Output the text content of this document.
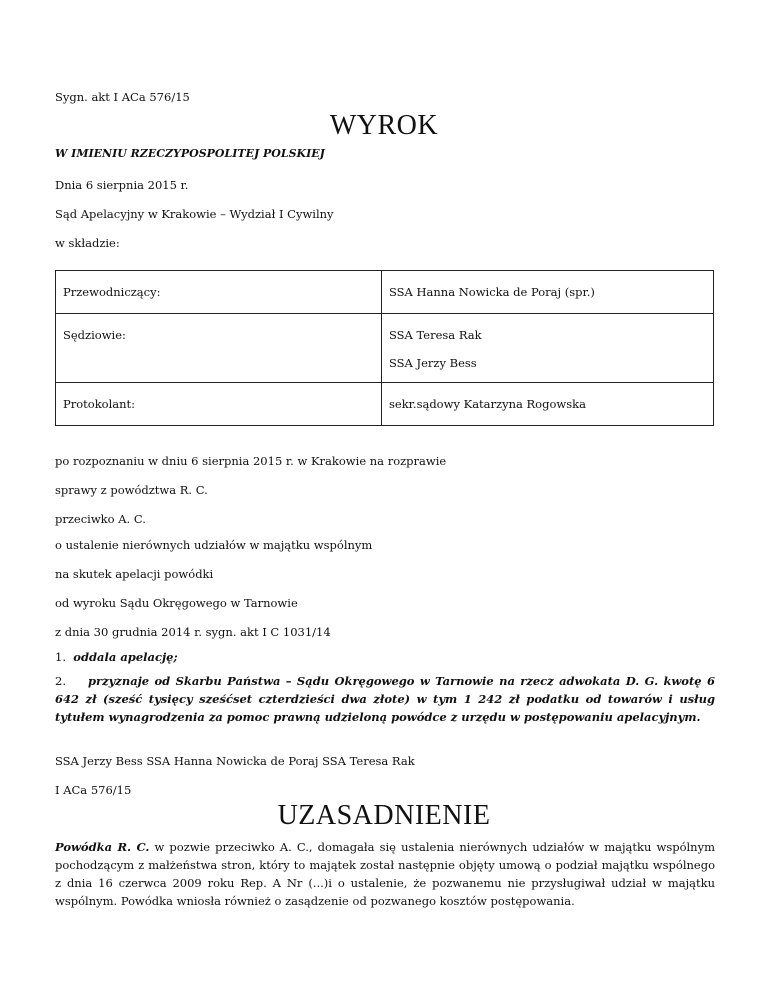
Sygn. akt I ACa 576/15
WYROK
W IMIENIU RZECZYPOSPOLITEJ POLSKIEJ
Dnia 6 sierpnia 2015 r.
Sąd Apelacyjny w Krakowie – Wydział I Cywilny
w składzie:
Przewodniczący:	SSA Hanna Nowicka de Poraj (spr.)

Sędziowie:	SSA Teresa Rak
SSA Jerzy Bess

Protokolant:	sekr.sądowy Katarzyna Rogowska
po rozpoznaniu w dniu 6 sierpnia 2015 r. w Krakowie na rozprawie
sprawy z powództwa R. C.
przeciwko A. C.
o ustalenie nierównych udziałów w majątku wspólnym
na skutek apelacji powódki
od wyroku Sądu Okręgowego w Tarnowie
z dnia 30 grudnia 2014 r. sygn. akt I C 1031/14
1. oddala apelację;
2. przyznaje od Skarbu Państwa – Sądu Okręgowego w Tarnowie na rzecz adwokata D. G. kwotę 6 642 zł (sześć tysięcy sześćset czterdzieści dwa złote) w tym 1 242 zł podatku od towarów i usług tytułem wynagrodzenia za pomoc prawną udzieloną powódce z urzędu w postępowaniu apelacyjnym.
SSA Jerzy Bess SSA Hanna Nowicka de Poraj SSA Teresa Rak
I ACa 576/15
UZASADNIENIE
Powódka R. C. w pozwie przeciwko A. C., domagała się ustalenia nierównych udziałów w majątku wspólnym pochodzącym z małżeństwa stron, który to majątek został następnie objęty umową o podział majątku wspólnego z dnia 16 czerwca 2009 roku Rep. A Nr (...)i o ustalenie, że pozwanemu nie przysługiwał udział w majątku wspólnym. Powódka wniosła również o zasądzenie od pozwanego kosztów postępowania.
